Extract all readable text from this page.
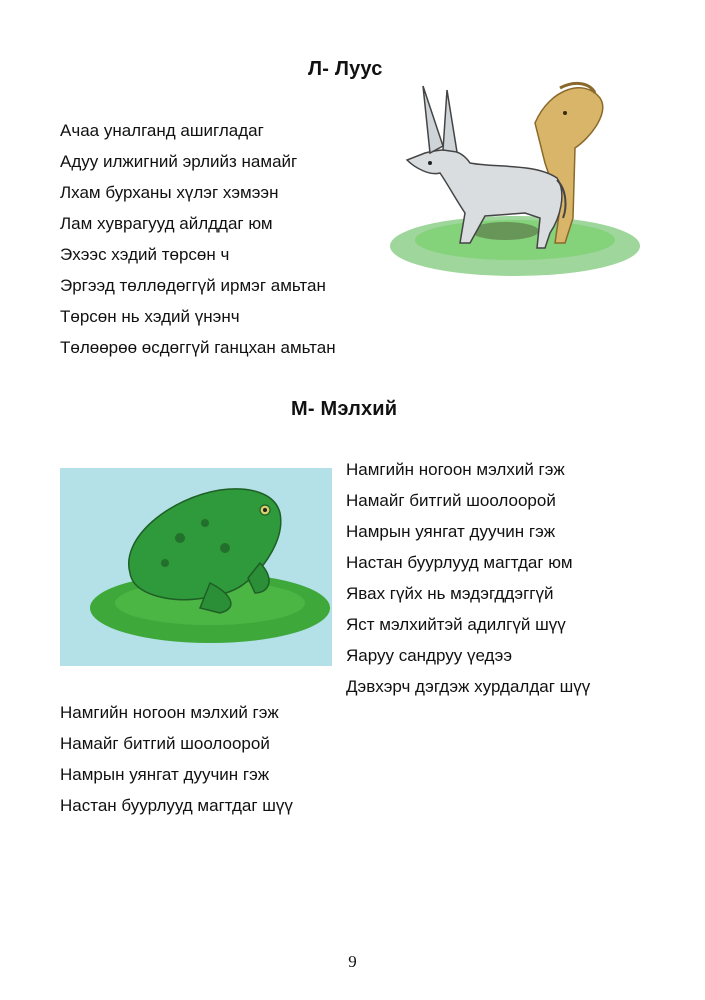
Л- Луус
Ачаа уналганд ашигладаг
Адуу илжигний эрлийз намайг
Лхам бурханы хүлэг хэмээн
Лам хуврагууд айлддаг юм
Эхээс хэдий төрсөн ч
Эргээд төллөдөггүй ирмэг амьтан
Төрсөн нь хэдий үнэнч
Төлөөрөө өсдөггүй ганцхан амьтан
М- Мэлхий
Намгийн ногоон мэлхий гэж
Намайг битгий шоолоорой
Намрын уянгат дуучин гэж
Настан буурлууд магтдаг юм
Явах гүйх нь мэдэгддэггүй
Яст мэлхийтэй адилгүй шүү
Яаруу сандруу үедээ
Дэвхэрч дэгдэж хурдалдаг шүү
Намгийн ногоон мэлхий гэж
Намайг битгий шоолоорой
Намрын уянгат дуучин гэж
Настан буурлууд магтдаг шүү
9
